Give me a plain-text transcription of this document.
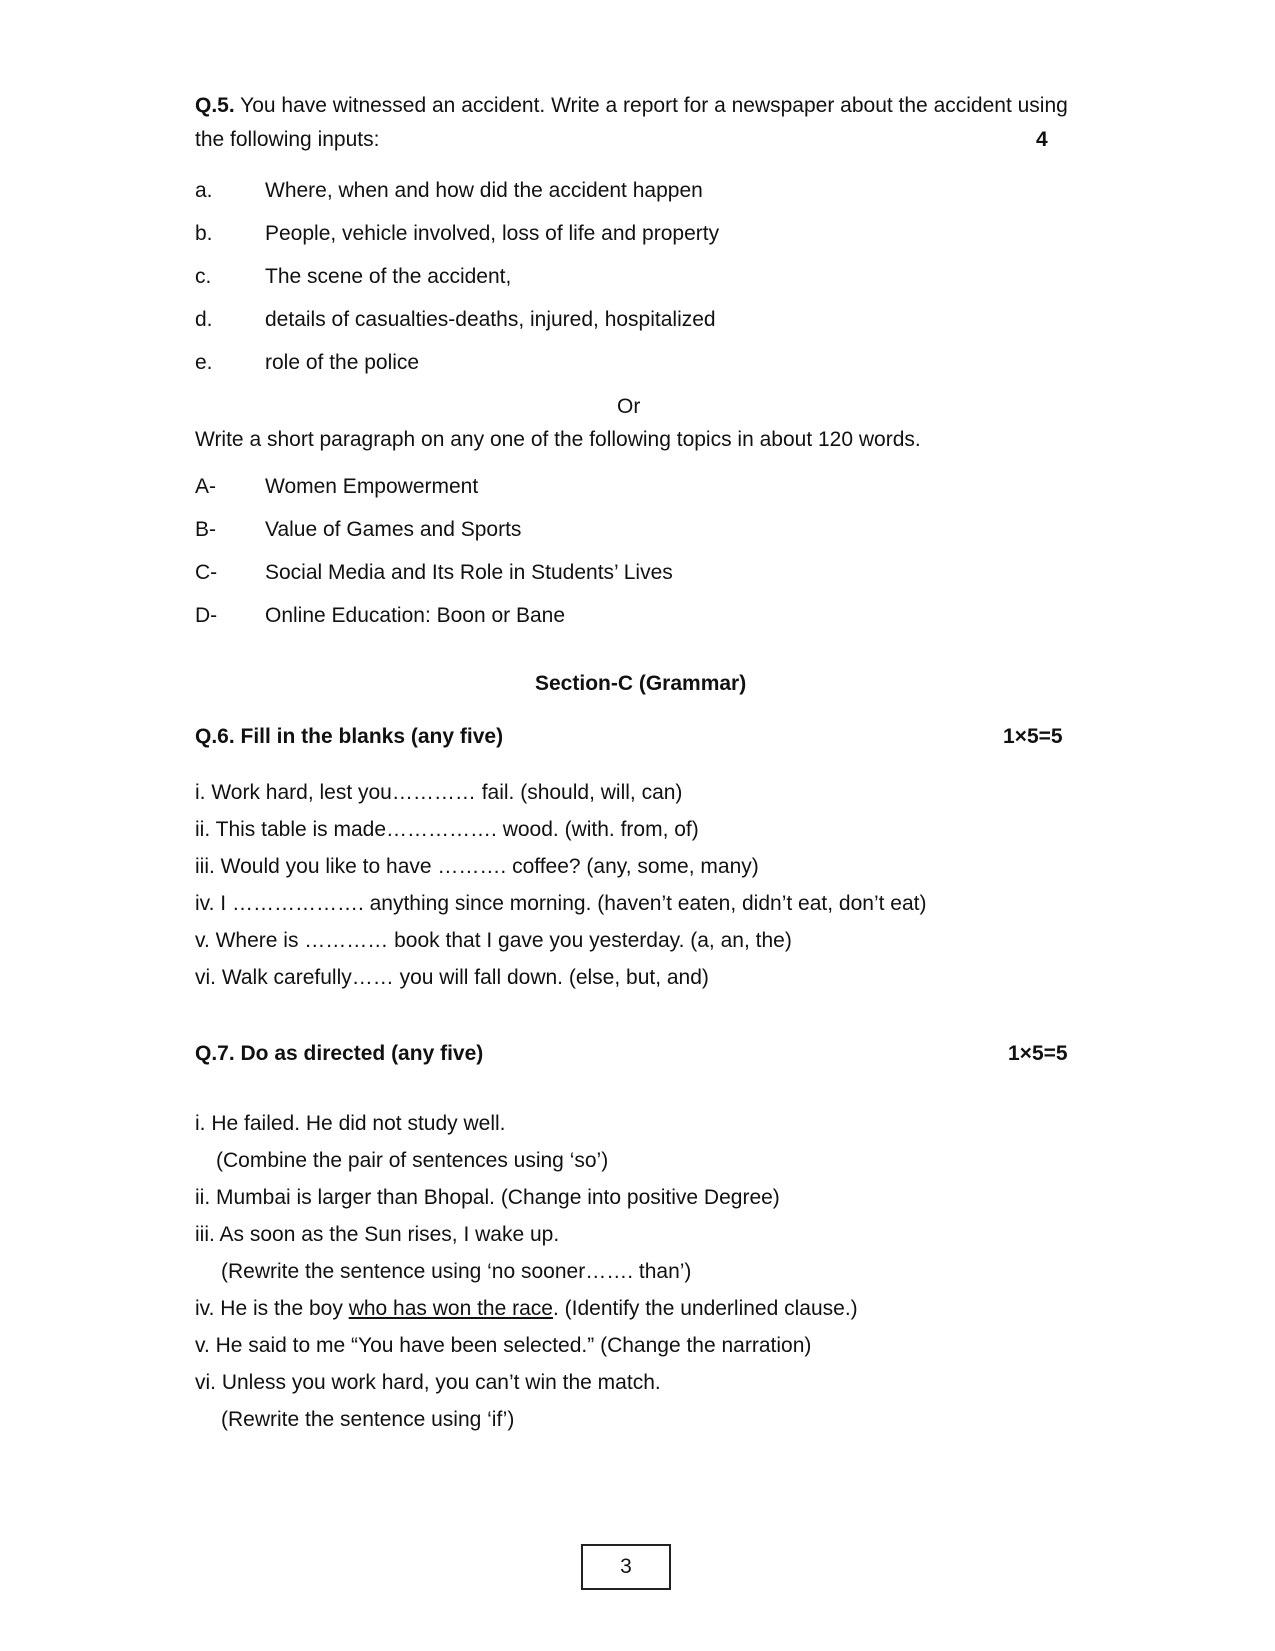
Q.5. You have witnessed an accident. Write a report for a newspaper about the accident using
the following inputs:	4
a. Where, when and how did the accident happen
b. People, vehicle involved, loss of life and property
c.	The scene of the accident,
d. details of casualties-deaths, injured, hospitalized
e. role of the police
Or
Write a short paragraph on any one of the following topics in about 120 words.
A- Women Empowerment
B- Value of Games and Sports
C- Social Media and Its Role in Students’ Lives
D- Online Education: Boon or Bane
Section-C (Grammar)
Q.6. Fill in the blanks (any five)	1×5=5
i. Work hard, lest you………… fail. (should, will, can)
ii. This table is made……………. wood. (with. from, of)
iii. Would you like to have ………. coffee? (any, some, many)
iv. I ………………. anything since morning. (haven’t eaten, didn’t eat, don’t eat)
v. Where is ………… book that I gave you yesterday. (a, an, the)
vi. Walk carefully…… you will fall down. (else, but, and)
Q.7. Do as directed (any five)	1×5=5
i. He failed. He did not study well.
(Combine the pair of sentences using ‘so’)
ii. Mumbai is larger than Bhopal. (Change into positive Degree)
iii. As soon as the Sun rises, I wake up.
(Rewrite the sentence using ‘no sooner……. than’)
iv. He is the boy who has won the race. (Identify the underlined clause.)
v. He said to me “You have been selected.” (Change the narration)
vi. Unless you work hard, you can’t win the match.
(Rewrite the sentence using ‘if’)
3
